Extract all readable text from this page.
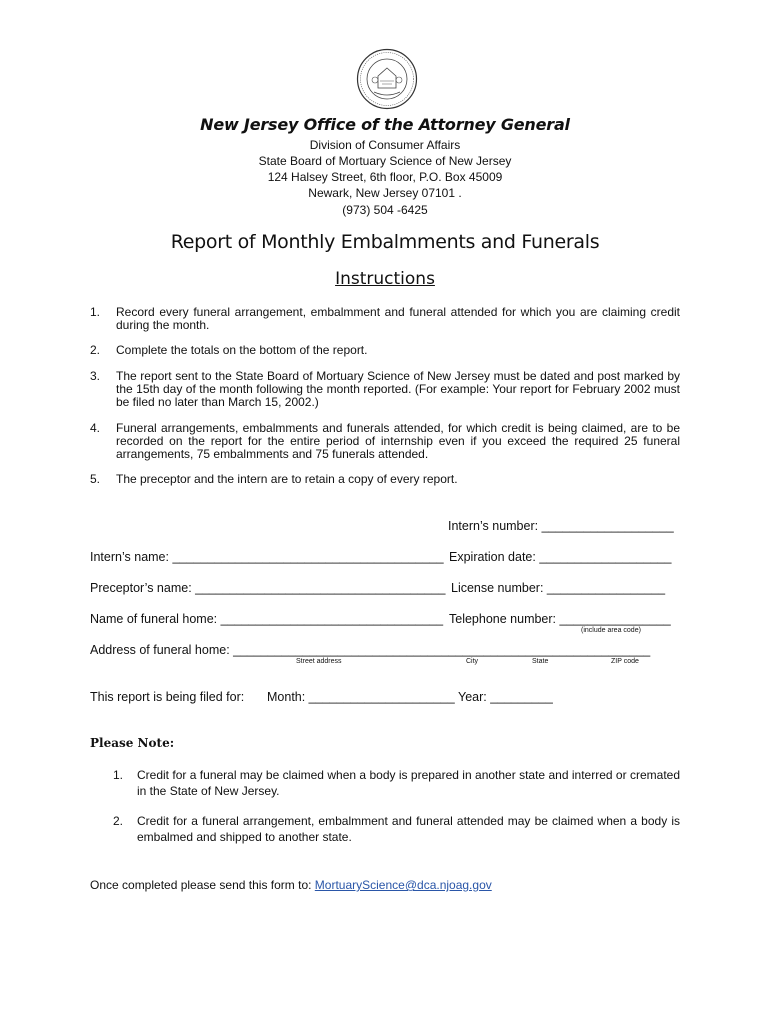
New Jersey Office of the Attorney General
Division of Consumer Affairs
State Board of Mortuary Science of New Jersey
124 Halsey Street, 6th floor, P.O. Box 45009
Newark, New Jersey 07101 .
(973) 504 -6425
Report of Monthly Embalmments and Funerals
Instructions
1. Record every funeral arrangement, embalmment and funeral attended for which you are claiming credit during the month.
2. Complete the totals on the bottom of the report.
3. The report sent to the State Board of Mortuary Science of New Jersey must be dated and post marked by the 15th day of the month following the month reported. (For example: Your report for February 2002 must be filed no later than March 15, 2002.)
4. Funeral arrangements, embalmments and funerals attended, for which credit is being claimed, are to be recorded on the report for the entire period of internship even if you exceed the required 25 funeral arrangements, 75 embalmments and 75 funerals attended.
5. The preceptor and the intern are to retain a copy of every report.
Intern’s number: ___________________
Intern’s name: _______________________________________ Expiration date: ___________________
Preceptor’s name: ____________________________________ License number: _________________
Name of funeral home: ________________________________ Telephone number: ________________
(include area code)
Address of funeral home: ____________________________________________________________
Street address	City	State	ZIP code
This report is being filed for: Month: _____________________ Year: _________
Please Note:
1. Credit for a funeral may be claimed when a body is prepared in another state and interred or cremated in the State of New Jersey.
2. Credit for a funeral arrangement, embalmment and funeral attended may be claimed when a body is embalmed and shipped to another state.
Once completed please send this form to: MortuaryScience@dca.njoag.gov
